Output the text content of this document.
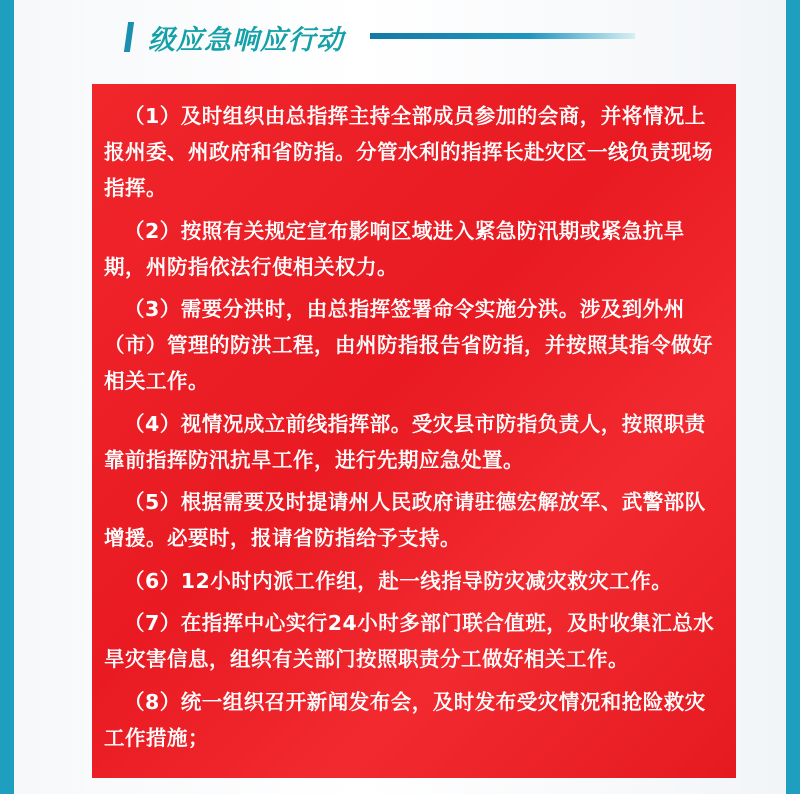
级应急响应行动

（1）及时组织由总指挥主持全部成员参加的会商，并将情况上报州委、州政府和省防指。分管水利的指挥长赴灾区一线负责现场指挥。

（2）按照有关规定宣布影响区域进入紧急防汛期或紧急抗旱期，州防指依法行使相关权力。

（3）需要分洪时，由总指挥签署命令实施分洪。涉及到外州（市）管理的防洪工程，由州防指报告省防指，并按照其指令做好相关工作。

（4）视情况成立前线指挥部。受灾县市防指负责人，按照职责靠前指挥防汛抗旱工作，进行先期应急处置。

（5）根据需要及时提请州人民政府请驻德宏解放军、武警部队增援。必要时，报请省防指给予支持。

（6）12小时内派工作组，赴一线指导防灾减灾救灾工作。

（7）在指挥中心实行24小时多部门联合值班，及时收集汇总水旱灾害信息，组织有关部门按照职责分工做好相关工作。

（8）统一组织召开新闻发布会，及时发布受灾情况和抢险救灾工作措施；
